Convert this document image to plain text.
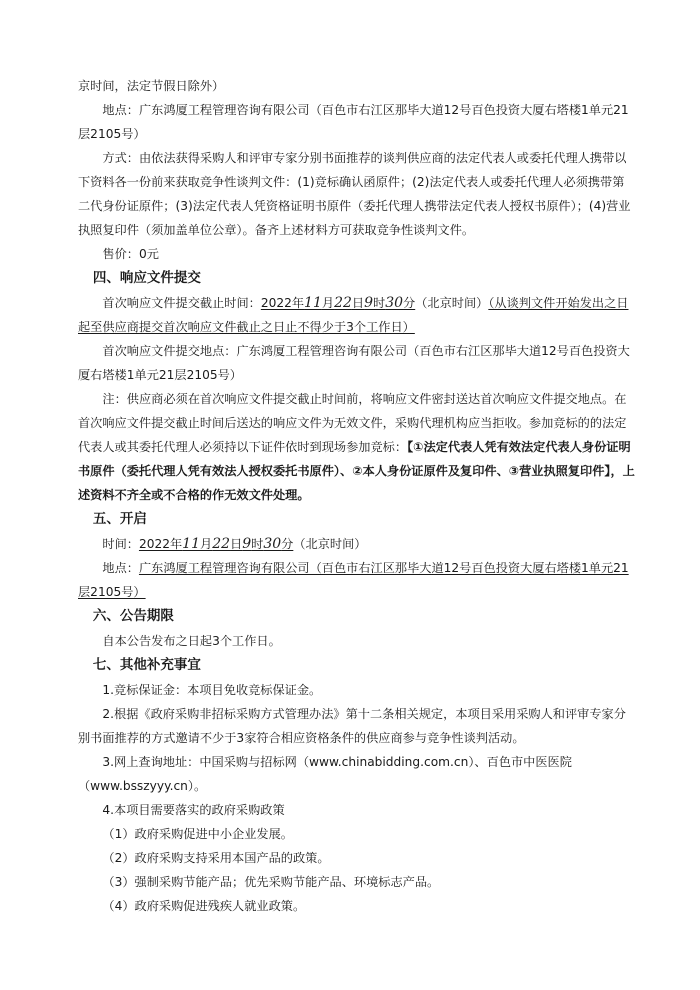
京时间，法定节假日除外）

地点：广东鸿厦工程管理咨询有限公司（百色市右江区那毕大道12号百色投资大厦右塔楼1单元21层2105号）

方式：由依法获得采购人和评审专家分别书面推荐的谈判供应商的法定代表人或委托代理人携带以下资料各一份前来获取竞争性谈判文件：(1)竞标确认函原件；(2)法定代表人或委托代理人必须携带第二代身份证原件；(3)法定代表人凭资格证明书原件（委托代理人携带法定代表人授权书原件）；(4)营业执照复印件（须加盖单位公章）。备齐上述材料方可获取竞争性谈判文件。

售价：0元

四、响应文件提交

首次响应文件提交截止时间：2022年11月22日9时30分（北京时间）（从谈判文件开始发出之日起至供应商提交首次响应文件截止之日止不得少于3个工作日）

首次响应文件提交地点：广东鸿厦工程管理咨询有限公司（百色市右江区那毕大道12号百色投资大厦右塔楼1单元21层2105号）

注：供应商必须在首次响应文件提交截止时间前，将响应文件密封送达首次响应文件提交地点。在首次响应文件提交截止时间后送达的响应文件为无效文件，采购代理机构应当拒收。参加竞标的的法定代表人或其委托代理人必须持以下证件依时到现场参加竞标：【①法定代表人凭有效法定代表人身份证明书原件（委托代理人凭有效法人授权委托书原件）、②本人身份证原件及复印件、③营业执照复印件】，上述资料不齐全或不合格的作无效文件处理。

五、开启

时间：2022年11月22日9时30分（北京时间）

地点：广东鸿厦工程管理咨询有限公司（百色市右江区那毕大道12号百色投资大厦右塔楼1单元21层2105号）

六、公告期限

自本公告发布之日起3个工作日。

七、其他补充事宜

1.竞标保证金：本项目免收竞标保证金。

2.根据《政府采购非招标采购方式管理办法》第十二条相关规定，本项目采用采购人和评审专家分别书面推荐的方式邀请不少于3家符合相应资格条件的供应商参与竞争性谈判活动。

3.网上查询地址：中国采购与招标网（www.chinabidding.com.cn）、百色市中医医院（www.bsszyyy.cn）。

4.本项目需要落实的政府采购政策

（1）政府采购促进中小企业发展。

（2）政府采购支持采用本国产品的政策。

（3）强制采购节能产品；优先采购节能产品、环境标志产品。

（4）政府采购促进残疾人就业政策。
